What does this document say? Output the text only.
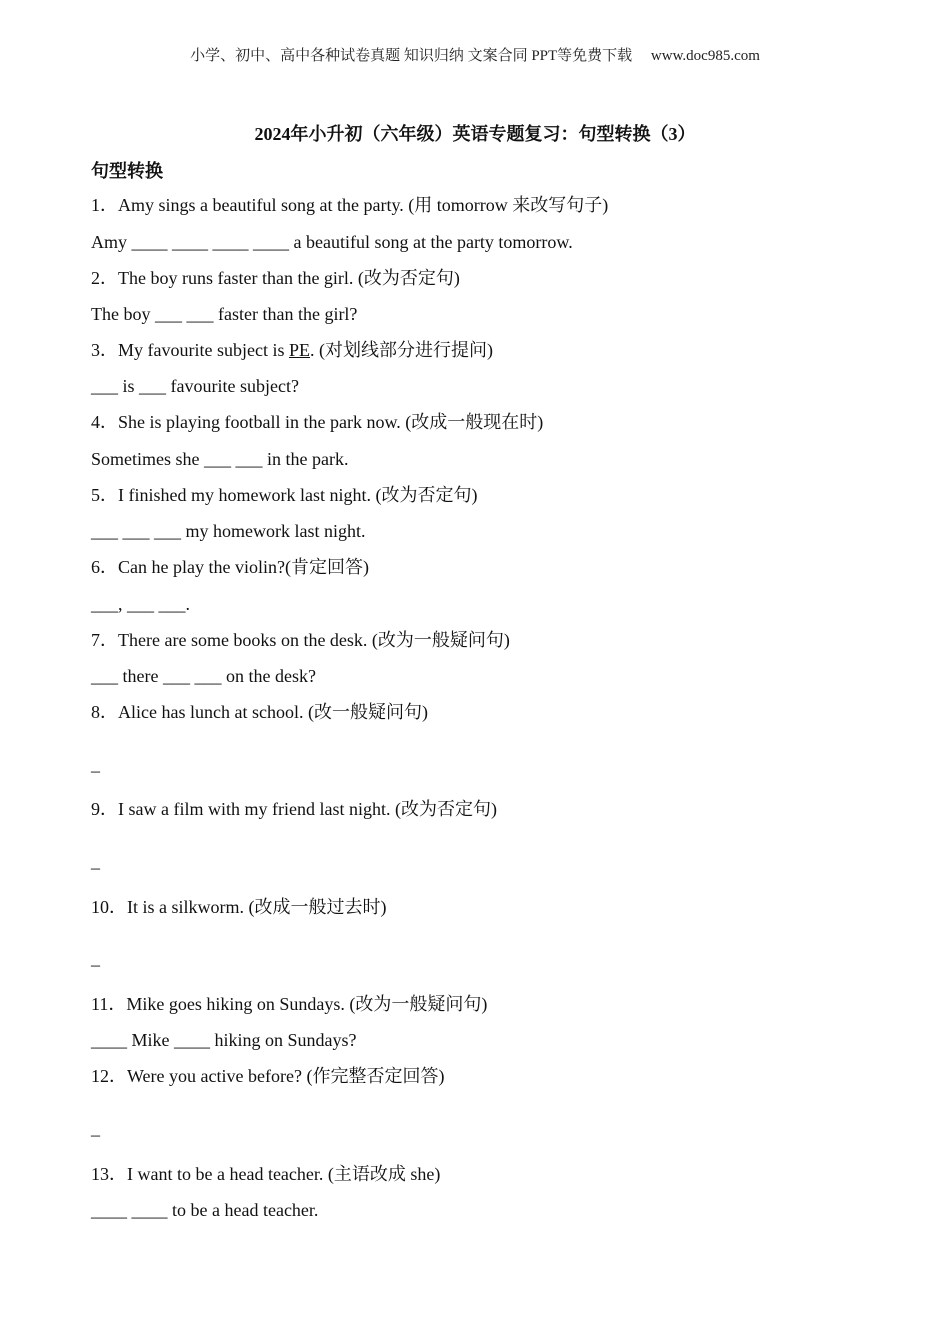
小学、初中、高中各种试卷真题 知识归纳 文案合同 PPT等免费下载     www.doc985.com
2024年小升初（六年级）英语专题复习：句型转换（3）
句型转换
1．Amy sings a beautiful song at the party. (用 tomorrow 来改写句子)
Amy ____ ____ ____ ____ a beautiful song at the party tomorrow.
2．The boy runs faster than the girl. (改为否定句)
The boy ___ ___ faster than the girl?
3．My favourite subject is PE. (对划线部分进行提问)
___ is ___ favourite subject?
4．She is playing football in the park now. (改成一般现在时)
Sometimes she ___ ___ in the park.
5．I finished my homework last night. (改为否定句)
___ ___ ___ my homework last night.
6．Can he play the violin?(肯定回答)
___, ___ ___.
7．There are some books on the desk. (改为一般疑问句)
___ there ___ ___ on the desk?
8．Alice has lunch at school. (改一般疑问句)
_
9．I saw a film with my friend last night. (改为否定句)
_
10．It is a silkworm. (改成一般过去时)
_
11．Mike goes hiking on Sundays. (改为一般疑问句)
____ Mike ____ hiking on Sundays?
12．Were you active before? (作完整否定回答)
_
13．I want to be a head teacher. (主语改成 she)
____ ____ to be a head teacher.
